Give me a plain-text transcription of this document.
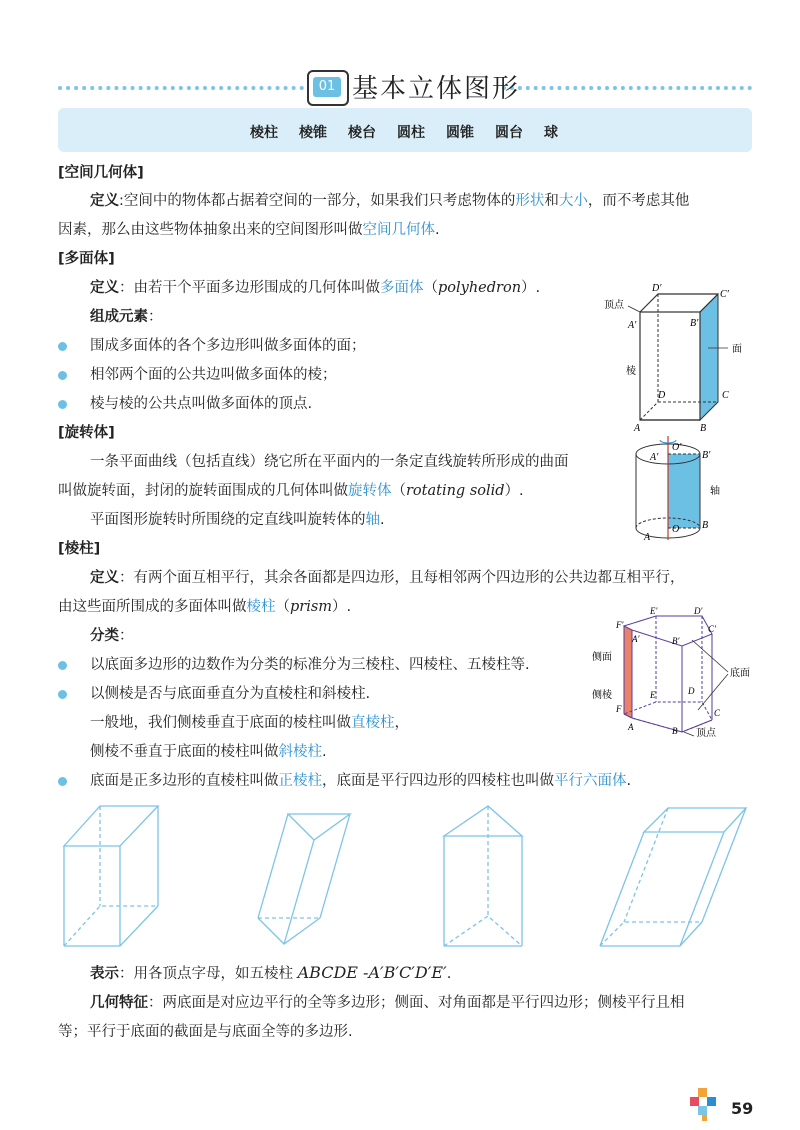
01 基本立体图形
棱柱 棱锥 棱台 圆柱 圆锥 圆台 球
[空间几何体]
定义:空间中的物体都占据着空间的一部分，如果我们只考虑物体的形状和大小，而不考虑其他
因素，那么由这些物体抽象出来的空间图形叫做空间几何体.
[多面体]
定义：由若干个平面多边形围成的几何体叫做多面体（polyhedron）.
组成元素：
围成多面体的各个多边形叫做多面体的面；
相邻两个面的公共边叫做多面体的棱；
棱与棱的公共点叫做多面体的顶点.
顶点
面
棱
D′
C′
A′	B′
D	C
A	B
[旋转体]
一条平面曲线（包括直线）绕它所在平面内的一条定直线旋转所形成的曲面
叫做旋转面，封闭的旋转面围成的几何体叫做旋转体（rotating solid）.
平面图形旋转时所围绕的定直线叫旋转体的轴.
轴
O′
O
A′	B′
A
B
[棱柱]
定义：有两个面互相平行，其余各面都是四边形，且每相邻两个四边形的公共边都互相平行，
由这些面所围成的多面体叫做棱柱（prism）.
分类：
以底面多边形的边数作为分类的标准分为三棱柱、四棱柱、五棱柱等.
以侧棱是否与底面垂直分为直棱柱和斜棱柱.
一般地，我们侧棱垂直于底面的棱柱叫做直棱柱，
侧棱不垂直于底面的棱柱叫做斜棱柱.
底面是正多边形的直棱柱叫做正棱柱，底面是平行四边形的四棱柱也叫做平行六面体.
侧面
侧棱
底面
顶点
E′	D′
C′
B′
A′
F′
E	D
C
B
A
F
表示：用各顶点字母，如五棱柱 ABCDE -A′B′C′D′E′.
几何特征：两底面是对应边平行的全等多边形；侧面、对角面都是平行四边形；侧棱平行且相
等；平行于底面的截面是与底面全等的多边形.
59
